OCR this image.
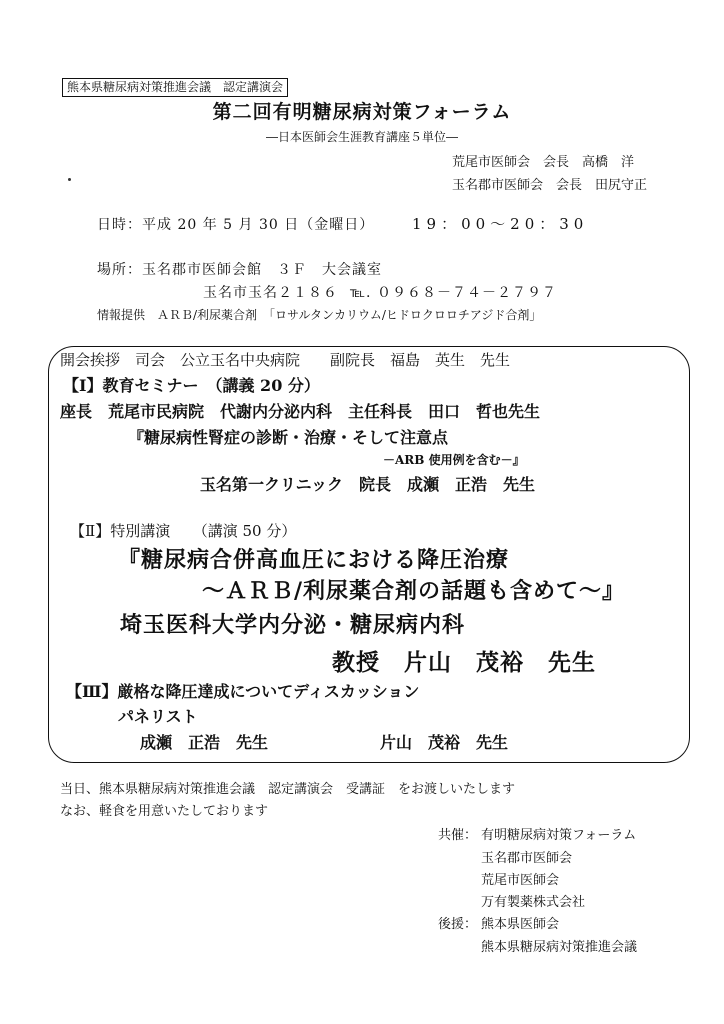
熊本県糖尿病対策推進会議　認定講演会
第二回有明糖尿病対策フォーラム
―日本医師会生涯教育講座５単位―
荒尾市医師会　会長　高橋　洋
玉名郡市医師会　会長　田尻守正
日時：平成 20 年 5 月 30 日（金曜日）	19：00～20：30
場所：玉名郡市医師会館　３Ｆ　大会議室
玉名市玉名２１８６ ℡. ０９６８－７４－２７９７
情報提供　ＡＲＢ/利尿薬合剤　｢ロサルタンカリウム/ヒドロクロロチアジド合剤｣
開会挨拶　司会　公立玉名中央病院　　副院長　福島　英生　先生
【Ⅰ】教育セミナー　（講義 20 分）
座長　荒尾市民病院　代謝内分泌内科　主任科長　田口　哲也先生
『糖尿病性腎症の診断・治療・そして注意点
－ARB 使用例を含む－』
玉名第一クリニック　院長　成瀬　正浩　先生
【Ⅱ】特別講演　　（講演 50 分）
『糖尿病合併高血圧における降圧治療
～ＡＲＢ/利尿薬合剤の話題も含めて～』
埼玉医科大学内分泌・糖尿病内科
教授　片山　茂裕　先生
【Ⅲ】厳格な降圧達成についてディスカッション
パネリスト
成瀬　正浩　先生	片山　茂裕　先生
当日、熊本県糖尿病対策推進会議　認定講演会　受講証　をお渡しいたします
なお、軽食を用意いたしております
共催： 有明糖尿病対策フォーラム
玉名郡市医師会
荒尾市医師会
万有製薬株式会社
後援： 熊本県医師会
熊本県糖尿病対策推進会議
